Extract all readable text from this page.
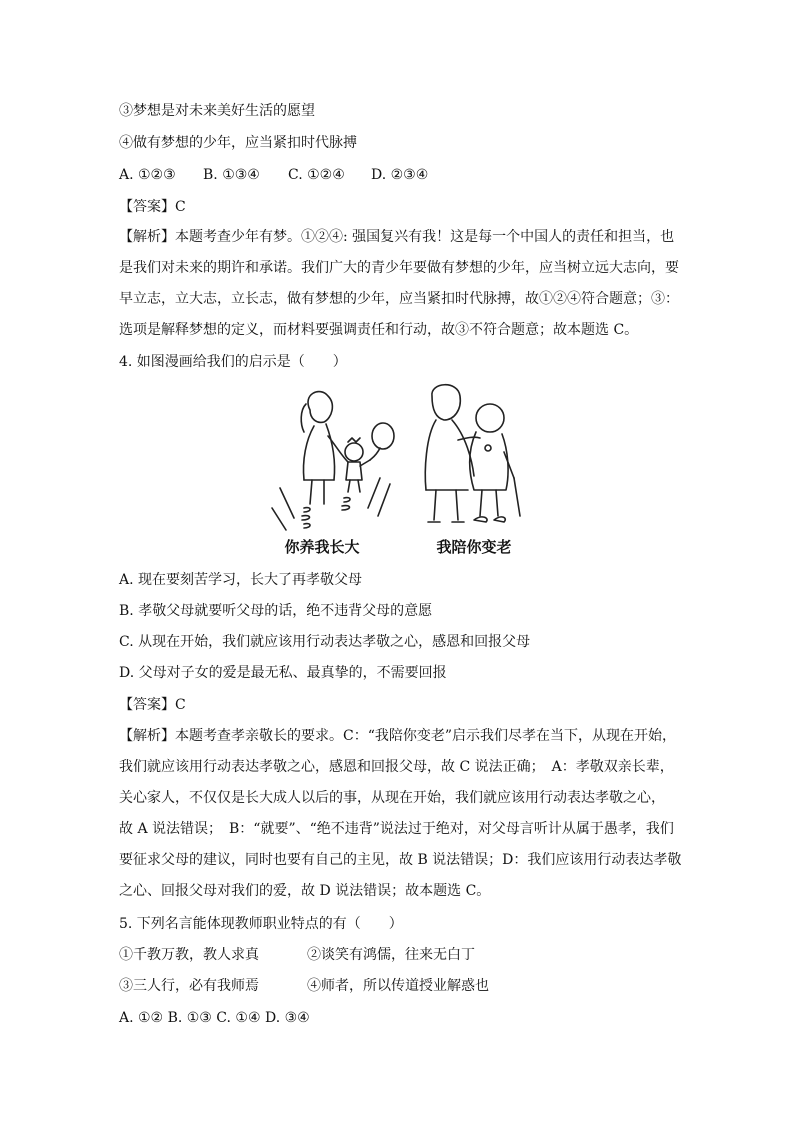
③梦想是对未来美好生活的愿望
④做有梦想的少年，应当紧扣时代脉搏
A. ①②③ B. ①③④ C. ①②④ D. ②③④
【答案】C

【解析】本题考查少年有梦。①②④: 强国复兴有我！这是每一个中国人的责任和担当，也

是我们对未来的期许和承诺。我们广大的青少年要做有梦想的少年，应当树立远大志向，要

早立志，立大志，立长志，做有梦想的少年，应当紧扣时代脉搏，故①②④符合题意；③：

选项是解释梦想的定义，而材料要强调责任和行动，故③不符合题意；故本题选 C。

4. 如图漫画给我们的启示是（　　）
你养我长大	我陪你变老
A. 现在要刻苦学习，长大了再孝敬父母
B. 孝敬父母就要听父母的话，绝不违背父母的意愿
C. 从现在开始，我们就应该用行动表达孝敬之心，感恩和回报父母
D. 父母对子女的爱是最无私、最真挚的，不需要回报
【答案】C

【解析】本题考查孝亲敬长的要求。C：“我陪你变老”启示我们尽孝在当下，从现在开始，

我们就应该用行动表达孝敬之心，感恩和回报父母，故 C 说法正确；　A：孝敬双亲长辈，

关心家人，不仅仅是长大成人以后的事，从现在开始，我们就应该用行动表达孝敬之心，

故 A 说法错误；　B：“就要”、“绝不违背”说法过于绝对，对父母言听计从属于愚孝，我们

要征求父母的建议，同时也要有自己的主见，故 B 说法错误；D：我们应该用行动表达孝敬

之心、回报父母对我们的爱，故 D 说法错误；故本题选 C。

5. 下列名言能体现教师职业特点的有（　　）
①千教万教，教人求真	②谈笑有鸿儒，往来无白丁
③三人行，必有我师焉	④师者，所以传道授业解惑也
A. ①② B. ①③ C. ①④ D. ③④
